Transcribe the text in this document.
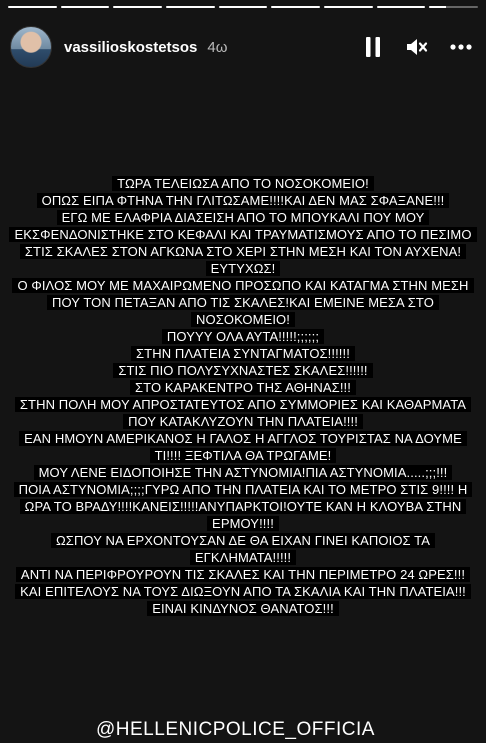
vassilioskostetsos 4ω
ΤΩΡΑ ΤΕΛΕΙΩΣΑ ΑΠΟ ΤΟ ΝΟΣΟΚΟΜΕΙΟ!
ΟΠΩΣ ΕΙΠΑ ΦΤΗΝΑ ΤΗΝ ΓΛΙΤΩΣΑΜΕ!!!!ΚΑΙ ΔΕΝ ΜΑΣ ΣΦΑΞΑΝΕ!!!
ΕΓΩ ΜΕ ΕΛΑΦΡΙΑ ΔΙΑΣΕΙΣΗ ΑΠΟ ΤΟ ΜΠΟΥΚΑΛΙ ΠΟΥ ΜΟΥ
ΕΚΣΦΕΝΔΟΝΙΣΤΗΚΕ ΣΤΟ ΚΕΦΑΛΙ ΚΑΙ ΤΡΑΥΜΑΤΙΣΜΟΥΣ ΑΠΟ ΤΟ ΠΕΣΙΜΟ
ΣΤΙΣ ΣΚΑΛΕΣ ΣΤΟΝ ΑΓΚΩΝΑ ΣΤΟ ΧΕΡΙ ΣΤΗΝ ΜΕΣΗ ΚΑΙ ΤΟΝ ΑΥΧΕΝΑ!
ΕΥΤΥΧΩΣ!
Ο ΦΙΛΟΣ ΜΟΥ ΜΕ ΜΑΧΑΙΡΩΜΕΝΟ ΠΡΟΣΩΠΟ ΚΑΙ ΚΑΤΑΓΜΑ ΣΤΗΝ ΜΕΣΗ
ΠΟΥ ΤΟΝ ΠΕΤΑΞΑΝ ΑΠΟ ΤΙΣ ΣΚΑΛΕΣ!ΚΑΙ ΕΜΕΙΝΕ ΜΕΣΑ ΣΤΟ
ΝΟΣΟΚΟΜΕΙΟ!
ΠΟΥΥΥ ΟΛΑ ΑΥΤΑ!!!!!;;;;;;
ΣΤΗΝ ΠΛΑΤΕΙΑ ΣΥΝΤΑΓΜΑΤΟΣ!!!!!!
ΣΤΙΣ ΠΙΟ ΠΟΛΥΣΥΧΝΑΣΤΕΣ ΣΚΑΛΕΣ!!!!!!
ΣΤΟ ΚΑΡΑΚΕΝΤΡΟ ΤΗΣ ΑΘΗΝΑΣ!!!
ΣΤΗΝ ΠΟΛΗ ΜΟΥ ΑΠΡΟΣΤΑΤΕΥΤΟΣ ΑΠΟ ΣΥΜΜΟΡΙΕΣ ΚΑΙ ΚΑΘΑΡΜΑΤΑ
ΠΟΥ ΚΑΤΑΚΛΥΖΟΥΝ ΤΗΝ ΠΛΑΤΕΙΑ!!!!
ΕΑΝ ΗΜΟΥΝ ΑΜΕΡΙΚΑΝΟΣ Η ΓΑΛΟΣ Η ΑΓΓΛΟΣ ΤΟΥΡΙΣΤΑΣ ΝΑ ΔΟΥΜΕ
ΤΙ!!!! ΞΕΦΤΙΛΑ ΘΑ ΤΡΩΓΑΜΕ!
ΜΟΥ ΛΕΝΕ ΕΙΔΟΠΟΙΗΣΕ ΤΗΝ ΑΣΤΥΝΟΜΙΑ!ΠΙΑ ΑΣΤΥΝΟΜΙΑ.....;;;!!!
ΠΟΙΑ ΑΣΤΥΝΟΜΙΑ;;;;ΓΥΡΩ ΑΠΟ ΤΗΝ ΠΛΑΤΕΙΑ ΚΑΙ ΤΟ ΜΕΤΡΟ ΣΤΙΣ 9!!!! Η
ΩΡΑ ΤΟ ΒΡΑΔΥ!!!!ΚΑΝΕΙΣ!!!!!ΑΝΥΠΑΡΚΤΟΙ!ΟΥΤΕ ΚΑΝ Η ΚΛΟΥΒΑ ΣΤΗΝ
ΕΡΜΟΥ!!!!
ΩΣΠΟΥ ΝΑ ΕΡΧΟΝΤΟΥΣΑΝ ΔΕ ΘΑ ΕΙΧΑΝ ΓΙΝΕΙ ΚΑΠΟΙΟΣ ΤΑ
ΕΓΚΛΗΜΑΤΑ!!!!!
ΑΝΤΙ ΝΑ ΠΕΡΙΦΡΟΥΡΟΥΝ ΤΙΣ ΣΚΑΛΕΣ ΚΑΙ ΤΗΝ ΠΕΡΙΜΕΤΡΟ 24 ΩΡΕΣ!!!
ΚΑΙ ΕΠΙΤΕΛΟΥΣ ΝΑ ΤΟΥΣ ΔΙΩΞΟΥΝ ΑΠΟ ΤΑ ΣΚΑΛΙΑ ΚΑΙ ΤΗΝ ΠΛΑΤΕΙΑ!!!
ΕΙΝΑΙ ΚΙΝΔΥΝΟΣ ΘΑΝΑΤΟΣ!!!
@HELLENICPOLICE_OFFICIA
